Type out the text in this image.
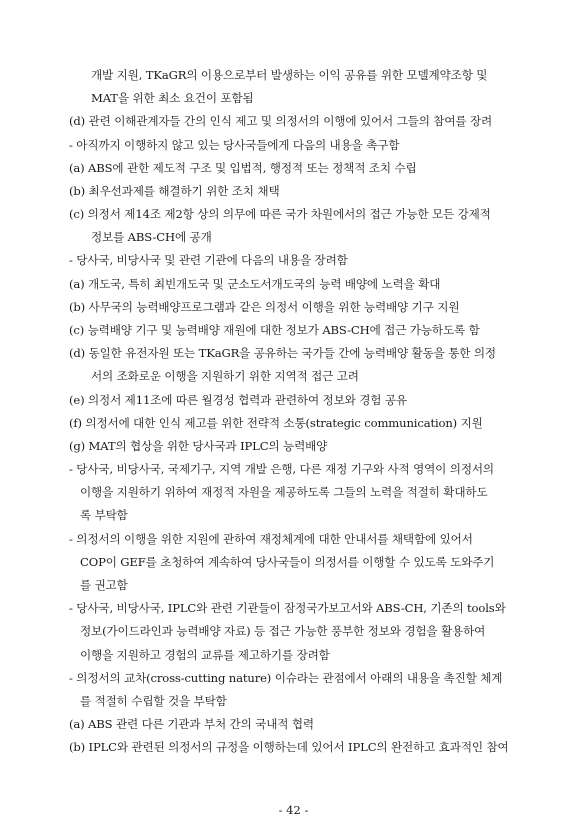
개발 지원, TKaGR의 이용으로부터 발생하는 이익 공유를 위한 모델계약조항 및
MAT을 위한 최소 요건이 포함됨
(d) 관련 이해관계자들 간의 인식 제고 및 의정서의 이행에 있어서 그들의 참여를 장려
- 아직까지 이행하지 않고 있는 당사국들에게 다음의 내용을 촉구함
(a) ABS에 관한 제도적 구조 및 입법적, 행정적 또는 정책적 조치 수립
(b) 최우선과제를 해결하기 위한 조치 채택
(c) 의정서 제14조 제2항 상의 의무에 따른 국가 차원에서의 접근 가능한 모든 강제적
정보를 ABS-CH에 공개
- 당사국, 비당사국 및 관련 기관에 다음의 내용을 장려함
(a) 개도국, 특히 최빈개도국 및 군소도서개도국의 능력 배양에 노력을 확대
(b) 사무국의 능력배양프로그램과 같은 의정서 이행을 위한 능력배양 기구 지원
(c) 능력배양 기구 및 능력배양 재원에 대한 정보가 ABS-CH에 접근 가능하도록 함
(d) 동일한 유전자원 또는 TKaGR을 공유하는 국가들 간에 능력배양 활동을 통한 의정
서의 조화로운 이행을 지원하기 위한 지역적 접근 고려
(e) 의정서 제11조에 따른 월경성 협력과 관련하여 정보와 경험 공유
(f) 의정서에 대한 인식 제고를 위한 전략적 소통(strategic communication) 지원
(g) MAT의 협상을 위한 당사국과 IPLC의 능력배양
- 당사국, 비당사국, 국제기구, 지역 개발 은행, 다른 재정 기구와 사적 영역이 의정서의
이행을 지원하기 위하여 재정적 자원을 제공하도록 그들의 노력을 적절히 확대하도
록 부탁함
- 의정서의 이행을 위한 지원에 관하여 재정체계에 대한 안내서를 채택함에 있어서
COP이 GEF를 초청하여 계속하여 당사국들이 의정서를 이행할 수 있도록 도와주기
를 권고함
- 당사국, 비당사국, IPLC와 관련 기관들이 잠정국가보고서와 ABS-CH, 기존의 tools와
정보(가이드라인과 능력배양 자료) 등 접근 가능한 풍부한 정보와 경험을 활용하여
이행을 지원하고 경험의 교류를 제고하기를 장려함
- 의정서의 교차(cross-cutting nature) 이슈라는 관점에서 아래의 내용을 촉진할 체계
를 적절히 수립할 것을 부탁함
(a) ABS 관련 다른 기관과 부처 간의 국내적 협력
(b) IPLC와 관련된 의정서의 규정을 이행하는데 있어서 IPLC의 완전하고 효과적인 참여
- 42 -
